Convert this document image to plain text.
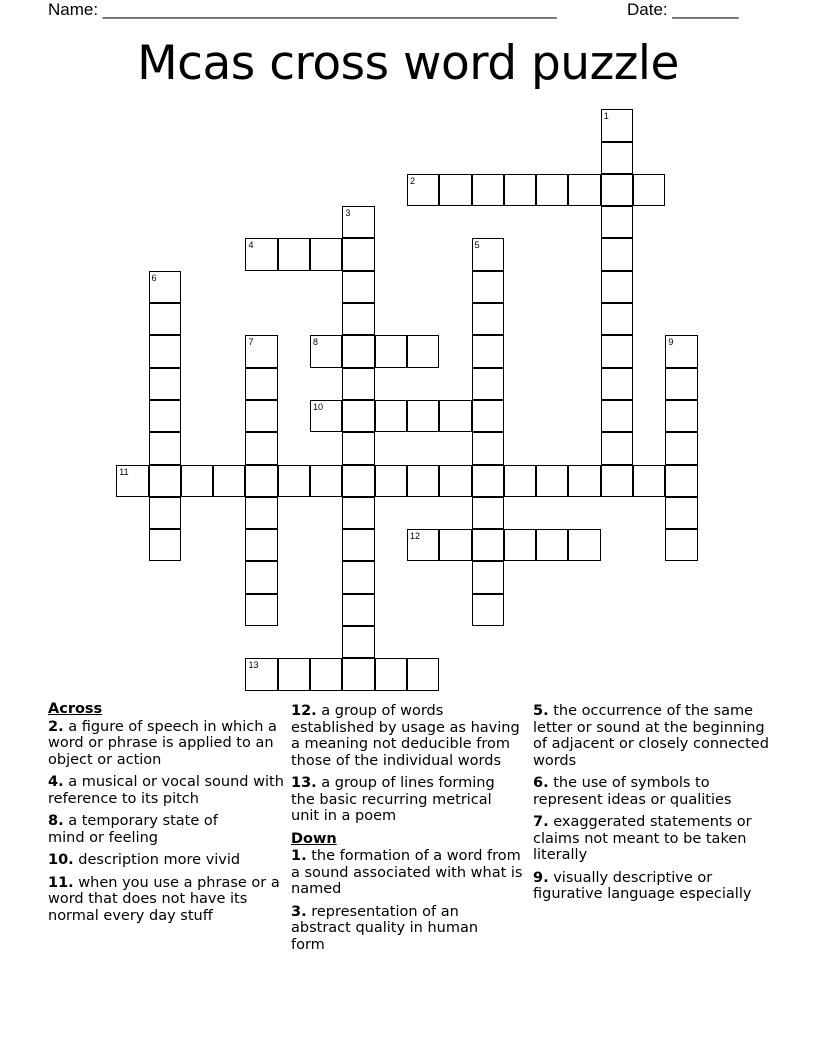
Name: ________________________________________________	Date: _______
Mcas cross word puzzle
1
2
3
4	5
6
7	8	9
10
11
12
13
Across

2. a figure of speech in which a word or phrase is applied to an object or action

4. a musical or vocal sound with reference to its pitch

8. a temporary state of mind or feeling

10. description more vivid

11. when you use a phrase or a word that does not have its normal every day stuff

12. a group of words established by usage as having a meaning not deducible from those of the individual words

13. a group of lines forming the basic recurring metrical unit in a poem

Down

1. the formation of a word from a sound associated with what is named

3. representation of an abstract quality in human form

5. the occurrence of the same letter or sound at the beginning of adjacent or closely connected words

6. the use of symbols to represent ideas or qualities

7. exaggerated statements or claims not meant to be taken literally

9. visually descriptive or figurative language especially
